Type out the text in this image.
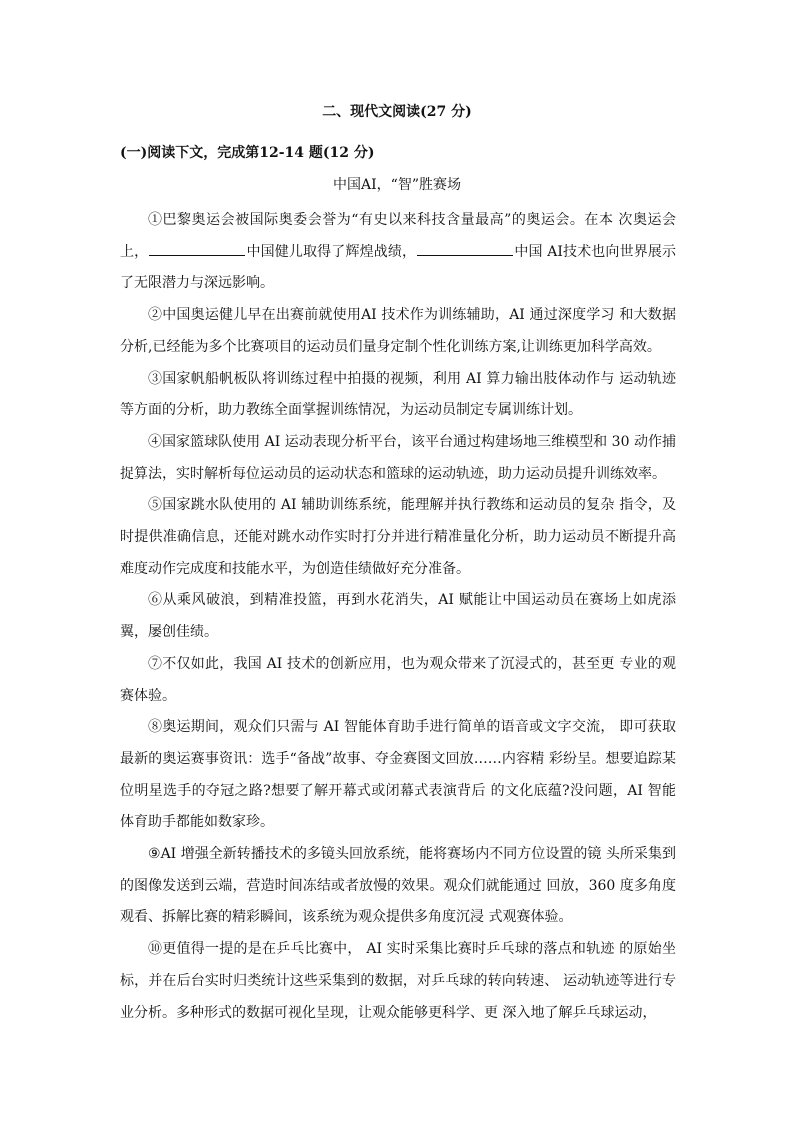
二、现代文阅读(27 分)
(一)阅读下文，完成第12-14 题(12 分)
中国AI，“智”胜赛场

①巴黎奥运会被国际奥委会誉为“有史以来科技含量最高”的奥运会。在本 次奥运会上，	中国健儿取得了辉煌战绩，	中国 AI技术也向世界展示了无限潜力与深远影响。

②中国奥运健儿早在出赛前就使用AI 技术作为训练辅助，AI 通过深度学习 和大数据分析,已经能为多个比赛项目的运动员们量身定制个性化训练方案,让训练更加科学高效。

③国家帆船帆板队将训练过程中拍摄的视频，利用 AI 算力输出肢体动作与 运动轨迹等方面的分析，助力教练全面掌握训练情况，为运动员制定专属训练计划。

④国家篮球队使用 AI 运动表现分析平台，该平台通过构建场地三维模型和 30 动作捕捉算法，实时解析每位运动员的运动状态和篮球的运动轨迹，助力运动员提升训练效率。

⑤国家跳水队使用的 AI 辅助训练系统，能理解并执行教练和运动员的复杂 指令，及时提供准确信息，还能对跳水动作实时打分并进行精准量化分析，助力运动员不断提升高难度动作完成度和技能水平，为创造佳绩做好充分准备。

⑥从乘风破浪，到精准投篮，再到水花消失，AI 赋能让中国运动员在赛场上如虎添翼，屡创佳绩。

⑦不仅如此，我国 AI 技术的创新应用，也为观众带来了沉浸式的，甚至更 专业的观赛体验。

⑧奥运期间，观众们只需与 AI 智能体育助手进行简单的语音或文字交流， 即可获取最新的奥运赛事资讯：选手“备战”故事、夺金赛图文回放……内容精 彩纷呈。想要追踪某位明星选手的夺冠之路?想要了解开幕式或闭幕式表演背后 的文化底蕴?没问题，AI 智能体育助手都能如数家珍。

⑨AI 增强全新转播技术的多镜头回放系统，能将赛场内不同方位设置的镜 头所采集到的图像发送到云端，营造时间冻结或者放慢的效果。观众们就能通过 回放，360 度多角度观看、拆解比赛的精彩瞬间，该系统为观众提供多角度沉浸 式观赛体验。

⑩更值得一提的是在乒乓比赛中， AI 实时采集比赛时乒乓球的落点和轨迹 的原始坐标，并在后台实时归类统计这些采集到的数据，对乒乓球的转向转速、 运动轨迹等进行专业分析。多种形式的数据可视化呈现，让观众能够更科学、更 深入地了解乒乓球运动，
